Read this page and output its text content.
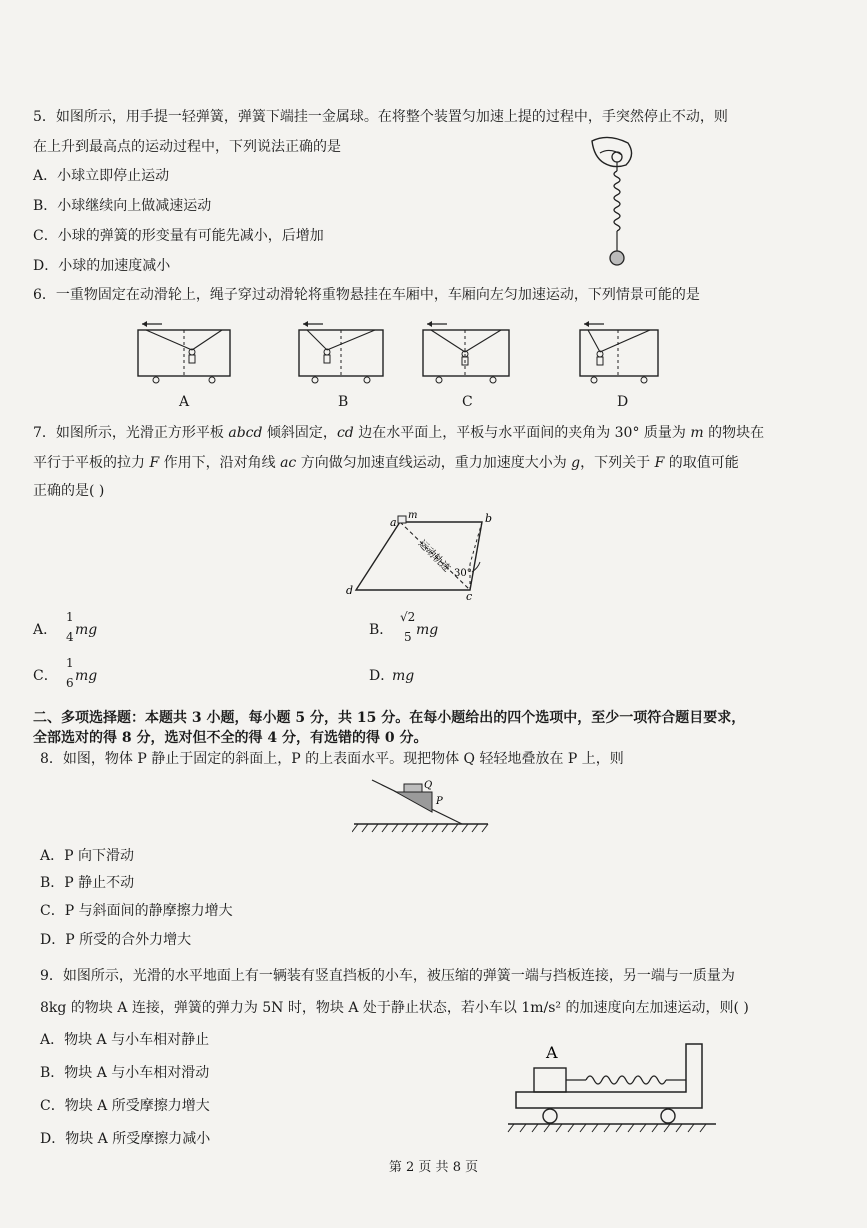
5．如图所示，用手提一轻弹簧，弹簧下端挂一金属球。在将整个装置匀加速上提的过程中，手突然停止不动，则
在上升到最高点的运动过程中，下列说法正确的是
A．小球立即停止运动
B．小球继续向上做减速运动
C．小球的弹簧的形变量有可能先减小，后增加
D．小球的加速度减小
6．一重物固定在动滑轮上，绳子穿过动滑轮将重物悬挂在车厢中，车厢向左匀加速运动，下列情景可能的是
A	B	C	D
7．如图所示，光滑正方形平板 abcd 倾斜固定，cd 边在水平面上，平板与水平面间的夹角为 30° 质量为 m 的物块在
平行于平板的拉力 F 作用下，沿对角线 ac 方向做匀加速直线运动，重力加速度大小为 g，下列关于 F 的取值可能
正确的是( )
a
m	b
c
d
30°
运动轨迹
A．
1
4 mg	B．
√2
5 mg
C．
1
6 mg	D．
mg
二、多项选择题：本题共 3 小题，每小题 5 分，共 15 分。在每小题给出的四个选项中，至少一项符合题目要求，
全部选对的得 8 分，选对但不全的得 4 分，有选错的得 0 分。
8．如图，物体 P 静止于固定的斜面上，P 的上表面水平。现把物体 Q 轻轻地叠放在 P 上，则
Q
P
A．P 向下滑动
B．P 静止不动
C．P 与斜面间的静摩擦力增大
D．P 所受的合外力增大
9．如图所示，光滑的水平地面上有一辆装有竖直挡板的小车，被压缩的弹簧一端与挡板连接，另一端与一质量为
8kg 的物块 A 连接，弹簧的弹力为 5N 时，物块 A 处于静止状态，若小车以 1m/s² 的加速度向左加速运动，则( )
A．物块 A 与小车相对静止
B．物块 A 与小车相对滑动
C．物块 A 所受摩擦力增大
D．物块 A 所受摩擦力减小
A
第 2 页 共 8 页
